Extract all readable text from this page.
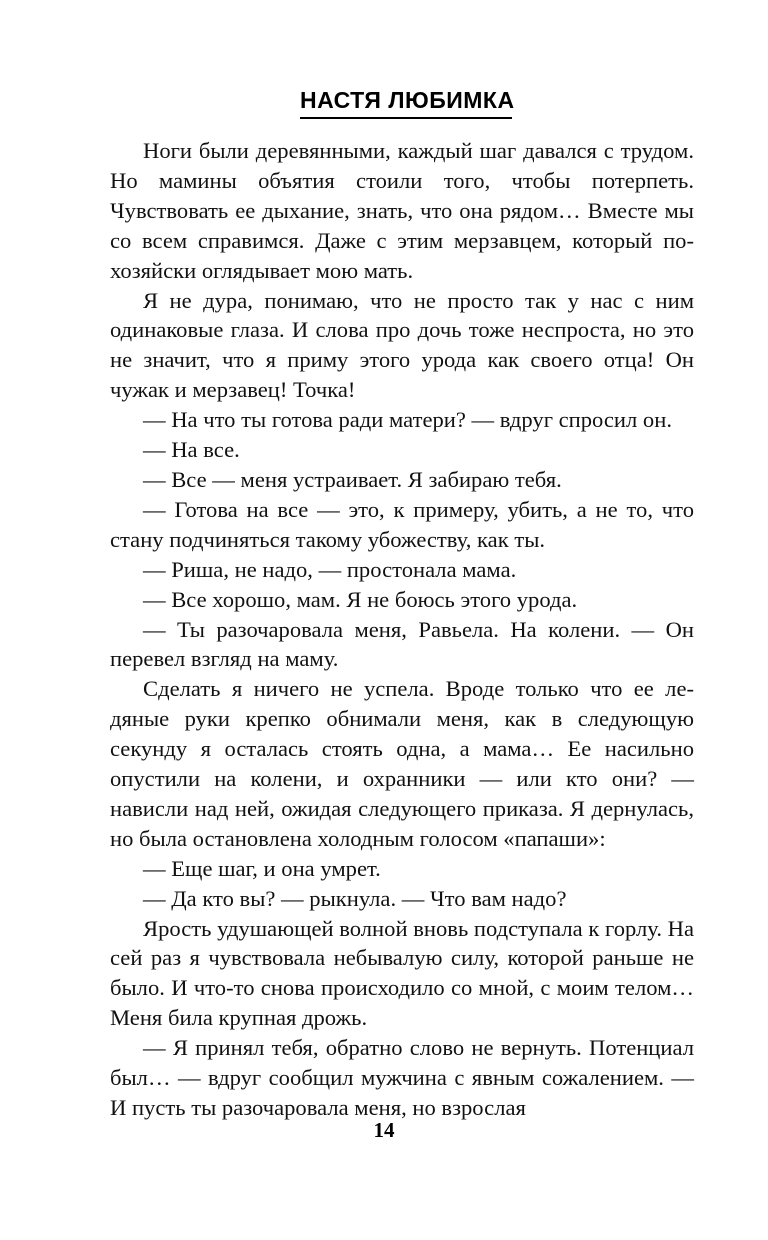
НАСТЯ ЛЮБИМКА

Ноги были деревянными, каждый шаг давался с трудом. Но мамины объятия стоили того, чтобы потерпеть. Чувствовать ее дыхание, знать, что она рядом… Вместе мы со всем справимся. Даже с этим мерзавцем, который по-хозяйски оглядывает мою мать.

Я не дура, понимаю, что не просто так у нас с ним одинаковые глаза. И слова про дочь тоже неспроста, но это не значит, что я приму этого урода как своего отца! Он чужак и мерзавец! Точка!

— На что ты готова ради матери? — вдруг спросил он.

— На все.

— Все — меня устраивает. Я забираю тебя.

— Готова на все — это, к примеру, убить, а не то, что стану подчиняться такому убожеству, как ты.

— Риша, не надо, — простонала мама.

— Все хорошо, мам. Я не боюсь этого урода.

— Ты разочаровала меня, Равьела. На колени. — Он перевел взгляд на маму.

Сделать я ничего не успела. Вроде только что ее ледяные руки крепко обнимали меня, как в следующую секунду я осталась стоять одна, а мама… Ее насильно опустили на колени, и охранники — или кто они? — нависли над ней, ожидая следующего приказа. Я дернулась, но была остановлена холодным голосом «папаши»:

— Еще шаг, и она умрет.

— Да кто вы? — рыкнула. — Что вам надо?

Ярость удушающей волной вновь подступала к горлу. На сей раз я чувствовала небывалую силу, которой раньше не было. И что-то снова происходило со мной, с моим телом… Меня била крупная дрожь.

— Я принял тебя, обратно слово не вернуть. Потенциал был… — вдруг сообщил мужчина с явным сожалением. — И пусть ты разочаровала меня, но взрослая

14
